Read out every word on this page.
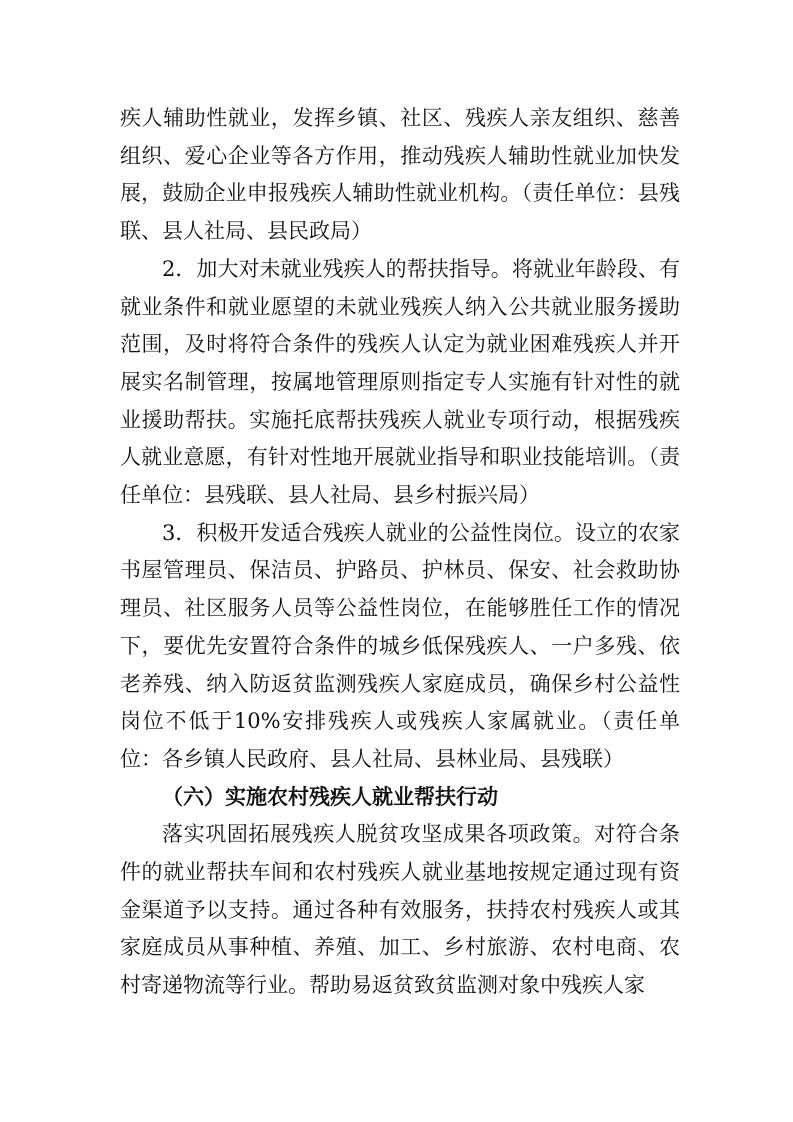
疾人辅助性就业，发挥乡镇、社区、残疾人亲友组织、慈善组织、爱心企业等各方作用，推动残疾人辅助性就业加快发展，鼓励企业申报残疾人辅助性就业机构。（责任单位：县残联、县人社局、县民政局）

2．加大对未就业残疾人的帮扶指导。将就业年龄段、有就业条件和就业愿望的未就业残疾人纳入公共就业服务援助范围，及时将符合条件的残疾人认定为就业困难残疾人并开展实名制管理，按属地管理原则指定专人实施有针对性的就业援助帮扶。实施托底帮扶残疾人就业专项行动，根据残疾人就业意愿，有针对性地开展就业指导和职业技能培训。（责任单位：县残联、县人社局、县乡村振兴局）

3．积极开发适合残疾人就业的公益性岗位。设立的农家书屋管理员、保洁员、护路员、护林员、保安、社会救助协理员、社区服务人员等公益性岗位，在能够胜任工作的情况下，要优先安置符合条件的城乡低保残疾人、一户多残、依老养残、纳入防返贫监测残疾人家庭成员，确保乡村公益性岗位不低于10%安排残疾人或残疾人家属就业。（责任单位：各乡镇人民政府、县人社局、县林业局、县残联）

（六）实施农村残疾人就业帮扶行动

落实巩固拓展残疾人脱贫攻坚成果各项政策。对符合条件的就业帮扶车间和农村残疾人就业基地按规定通过现有资金渠道予以支持。通过各种有效服务，扶持农村残疾人或其家庭成员从事种植、养殖、加工、乡村旅游、农村电商、农村寄递物流等行业。帮助易返贫致贫监测对象中残疾人家
